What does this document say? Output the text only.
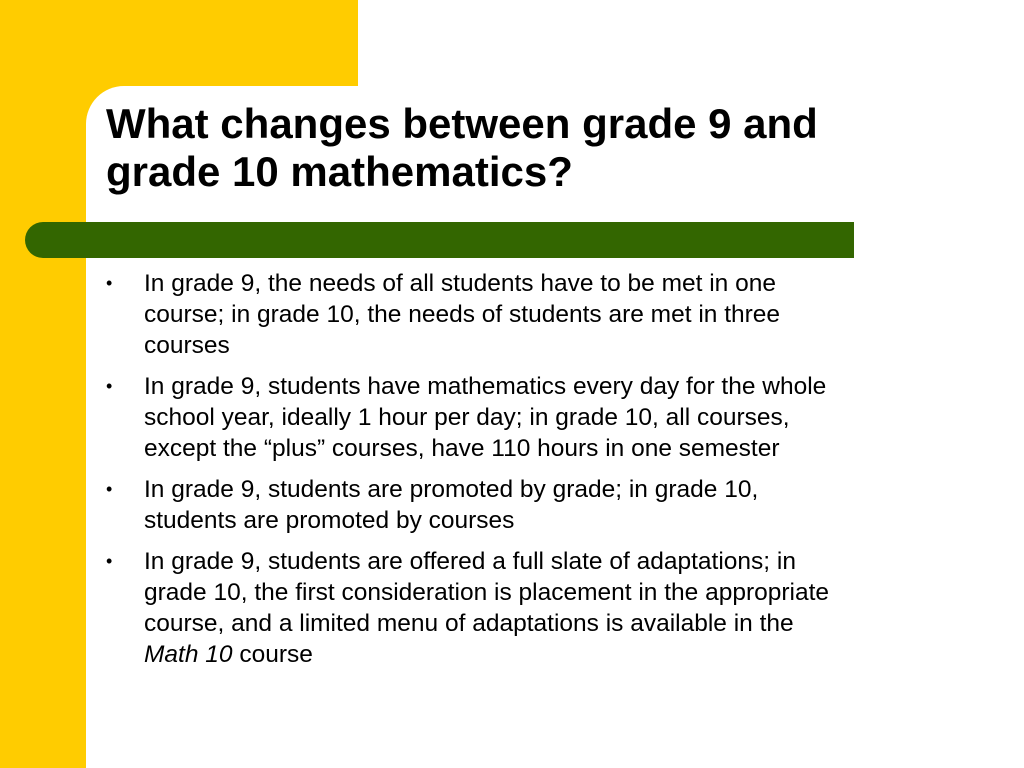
What changes between grade 9 and
grade 10 mathematics?
• In grade 9, the needs of all students have to be met in one
course; in grade 10, the needs of students are met in three
courses
• In grade 9, students have mathematics every day for the whole
school year, ideally 1 hour per day; in grade 10, all courses,
except the “plus” courses, have 110 hours in one semester
• In grade 9, students are promoted by grade; in grade 10,
students are promoted by courses
• In grade 9, students are offered a full slate of adaptations; in
grade 10, the first consideration is placement in the appropriate
course, and a limited menu of adaptations is available in the
Math 10 course
